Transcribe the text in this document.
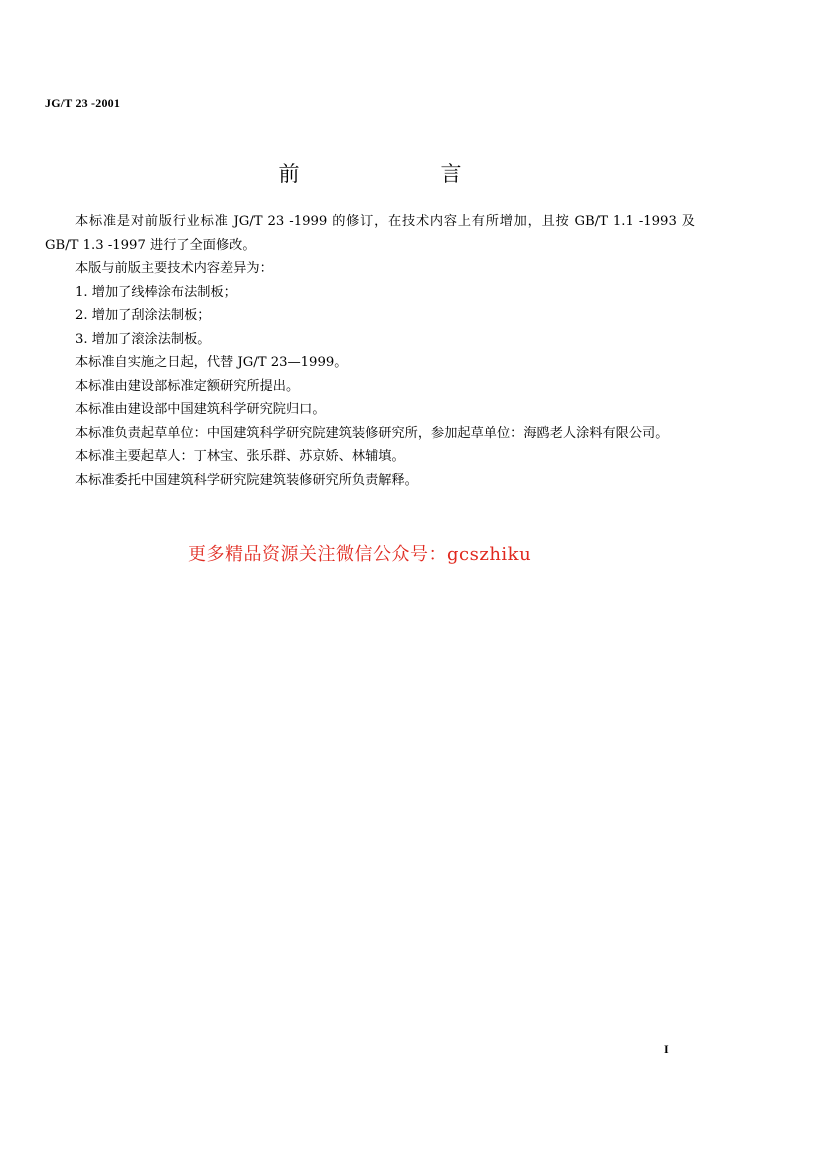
JG/T 23 -2001
前　言

本标准是对前版行业标准 JG/T 23 -1999 的修订，在技术内容上有所增加，且按 GB/T 1.1 -1993 及 GB/T 1.3 -1997 进行了全面修改。

本版与前版主要技术内容差异为：

1. 增加了线棒涂布法制板；

2. 增加了刮涂法制板；

3. 增加了滚涂法制板。

本标准自实施之日起，代替 JG/T 23—1999。

本标准由建设部标准定额研究所提出。

本标准由建设部中国建筑科学研究院归口。

本标准负责起草单位：中国建筑科学研究院建筑装修研究所，参加起草单位：海鸥老人涂料有限公司。

本标准主要起草人：丁林宝、张乐群、苏京娇、林辅填。

本标准委托中国建筑科学研究院建筑装修研究所负责解释。

更多精品资源关注微信公众号：gcszhiku
I
